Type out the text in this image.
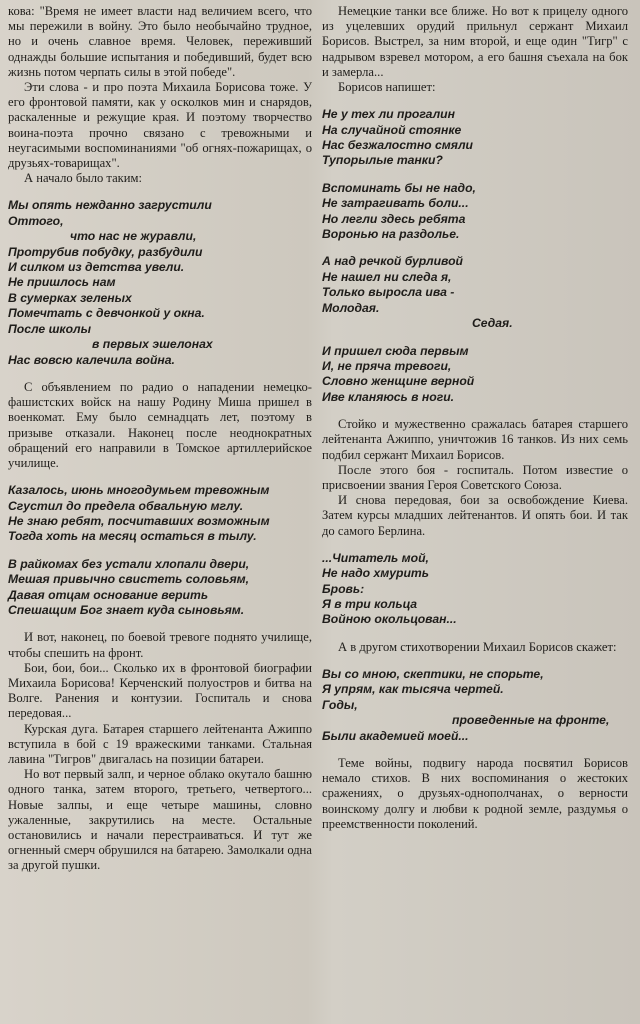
кова: "Время не имеет власти над величием всего, что мы пережили в войну. Это было необычайно трудное, но и очень славное время. Человек, переживший однажды большие испытания и победивший, будет всю жизнь потом черпать силы в этой победе".

Эти слова - и про поэта Михаила Борисова тоже. У его фронтовой памяти, как у осколков мин и снарядов, раскаленные и режущие края. И поэтому творчество воина-поэта прочно связано с тревожными и неугасимыми воспоминаниями "об огнях-пожарищах, о друзьях-товарищах".

А начало было таким:

Мы опять нежданно загрустили
Оттого,
что нас не журавли,
Протрубив побудку, разбудили
И силком из детства увели.
Не пришлось нам
В сумерках зеленых
Помечтать с девчонкой у окна.
После школы
в первых эшелонах
Нас вовсю калечила война.

С объявлением по радио о нападении немецко-фашистских войск на нашу Родину Миша пришел в военкомат. Ему было семнадцать лет, поэтому в призыве отказали. Наконец после неоднократных обращений его направили в Томское артиллерийское училище.

Казалось, июнь многодумьем тревожным
Сгустил до предела обвальную мглу.
Не знаю ребят, посчитавших возможным
Тогда хоть на месяц остаться в тылу.
В райкомах без устали хлопали двери,
Мешая привычно свистеть соловьям,
Давая отцам основание верить
Спешащим Бог знает куда сыновьям.

И вот, наконец, по боевой тревоге поднято училище, чтобы спешить на фронт.

Бои, бои, бои... Сколько их в фронтовой биографии Михаила Борисова! Керченский полуостров и битва на Волге. Ранения и контузии. Госпиталь и снова передовая...

Курская дуга. Батарея старшего лейтенанта Ажиппо вступила в бой с 19 вражескими танками. Стальная лавина "Тигров" двигалась на позиции батареи.

Но вот первый залп, и черное облако окутало башню одного танка, затем второго, третьего, четвертого... Новые залпы, и еще четыре машины, словно ужаленные, закрутились на месте. Остальные остановились и начали перестраиваться. И тут же огненный смерч обрушился на батарею. Замолкали одна за другой пушки.

Немецкие танки все ближе. Но вот к прицелу одного из уцелевших орудий прильнул сержант Михаил Борисов. Выстрел, за ним второй, и еще один "Тигр" с надрывом взревел мотором, а его башня съехала на бок и замерла...

Борисов напишет:

Не у тех ли прогалин
На случайной стоянке
Нас безжалостно смяли
Тупорылые танки?
Вспоминать бы не надо,
Не затрагивать боли...
Но легли здесь ребята
Воронью на раздолье.
А над речкой бурливой
Не нашел ни следа я,
Только выросла ива -
Молодая.
Седая.
И пришел сюда первым
И, не пряча тревоги,
Словно женщине верной
Иве кланяюсь в ноги.

Стойко и мужественно сражалась батарея старшего лейтенанта Ажиппо, уничтожив 16 танков. Из них семь подбил сержант Михаил Борисов.

После этого боя - госпиталь. Потом известие о присвоении звания Героя Советского Союза.

И снова передовая, бои за освобождение Киева. Затем курсы младших лейтенантов. И опять бои. И так до самого Берлина.

...Читатель мой,
Не надо хмурить
Бровь:
Я в три кольца
Войною окольцован...

А в другом стихотворении Михаил Борисов скажет:

Вы со мною, скептики, не спорьте,
Я упрям, как тысяча чертей.
Годы,
проведенные на фронте,
Были академией моей...

Теме войны, подвигу народа посвятил Борисов немало стихов. В них воспоминания о жестоких сражениях, о друзьях-однополчанах, о верности воинскому долгу и любви к родной земле, раздумья о преемственности поколений.
